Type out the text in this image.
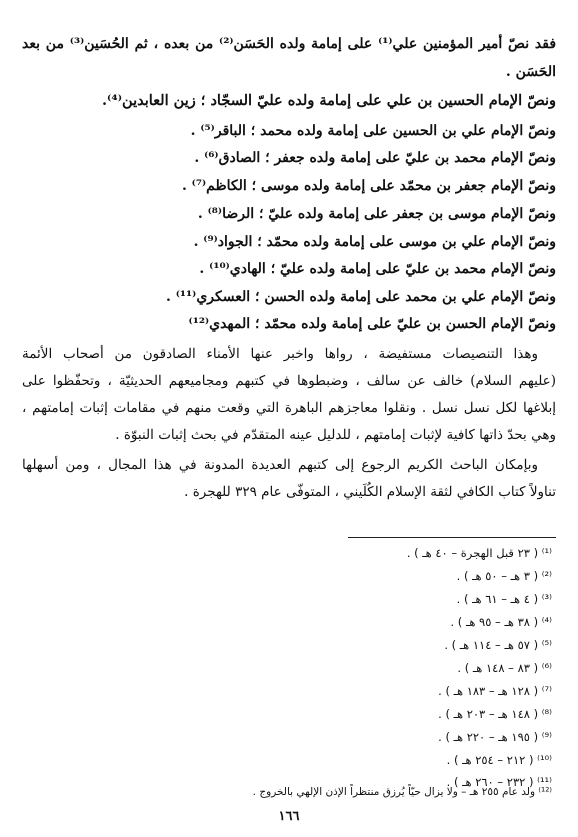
فقد نصّ أمير المؤمنين علي⁽¹⁾ على إمامة ولده الحَسَن⁽²⁾ من بعده ، ثم الحُسَين⁽³⁾ من بعد
الحَسَن .
ونصّ الإمام الحسين بن علي على إمامة ولده عليّ السجّاد ؛ زين العابدين⁽⁴⁾.
ونصّ الإمام علي بن الحسين على إمامة ولده محمد ؛ الباقر⁽⁵⁾ .
ونصّ الإمام محمد بن عليّ على إمامة ولده جعفر ؛ الصادق⁽⁶⁾ .
ونصّ الإمام جعفر بن محمّد على إمامة ولده موسى ؛ الكاظم⁽⁷⁾ .
ونصّ الإمام موسى بن جعفر على إمامة ولده عليّ ؛ الرضا⁽⁸⁾ .
ونصّ الإمام علي بن موسى على إمامة ولده محمّد ؛ الجواد⁽⁹⁾ .
ونصّ الإمام محمد بن عليّ على إمامة ولده عليّ ؛ الهادي⁽¹⁰⁾ .
ونصّ الإمام علي بن محمد على إمامة ولده الحسن ؛ العسكري⁽¹¹⁾ .
ونصّ الإمام الحسن بن عليّ على إمامة ولده محمّد ؛ المهدي⁽¹²⁾
وهذا التنصيصات مستفيضة ، رواها واخبر عنها الأمناء الصادقون من أصحاب الأئمة
(عليهم السلام) خالف عن سالف ، وضبطوها في كتبهم ومجاميعهم الحديثيّة ، وتحفّظوا على
إبلاغها لكل نسل نسل . ونقلوا معاجزهم الباهرة التي وقعت منهم في مقامات إثبات إمامتهم ،
وهي بحدّ ذاتها كافية لإثبات إمامتهم ، للدليل عينه المتقدّم في بحث إثبات النبوّة .
وبإمكان الباحث الكريم الرجوع إلى كتبهم العديدة المدونة في هذا المجال ، ومن أسهلها
تناولاً كتاب الكافي لثقة الإسلام الكُلَيني ، المتوفّى عام ٣٢٩ للهجرة .
⁽¹⁾ ( ٢٣ قبل الهجرة – ٤٠ هـ ) .
⁽²⁾ ( ٣ هـ – ٥٠ هـ ) .
⁽³⁾ ( ٤ هـ – ٦١ هـ ) .
⁽⁴⁾ ( ٣٨ هـ – ٩٥ هـ ) .
⁽⁵⁾ ( ٥٧ هـ – ١١٤ هـ ) .
⁽⁶⁾ ( ٨٣ – ١٤٨ هـ ) .
⁽⁷⁾ ( ١٢٨ هـ – ١٨٣ هـ ) .
⁽⁸⁾ ( ١٤٨ هـ – ٢٠٣ هـ ) .
⁽⁹⁾ ( ١٩٥ هـ – ٢٢٠ هـ ) .
⁽¹⁰⁾ ( ٢١٢ – ٢٥٤ هـ ) .
⁽¹¹⁾ ( ٢٣٢ – ٢٦٠ هـ ) .
⁽¹²⁾ ولد عام ٢٥٥ هـ – ولا يزال حيّاً يُرزق منتظراً الإذن الإلهي بالخروج .
١٦٦
